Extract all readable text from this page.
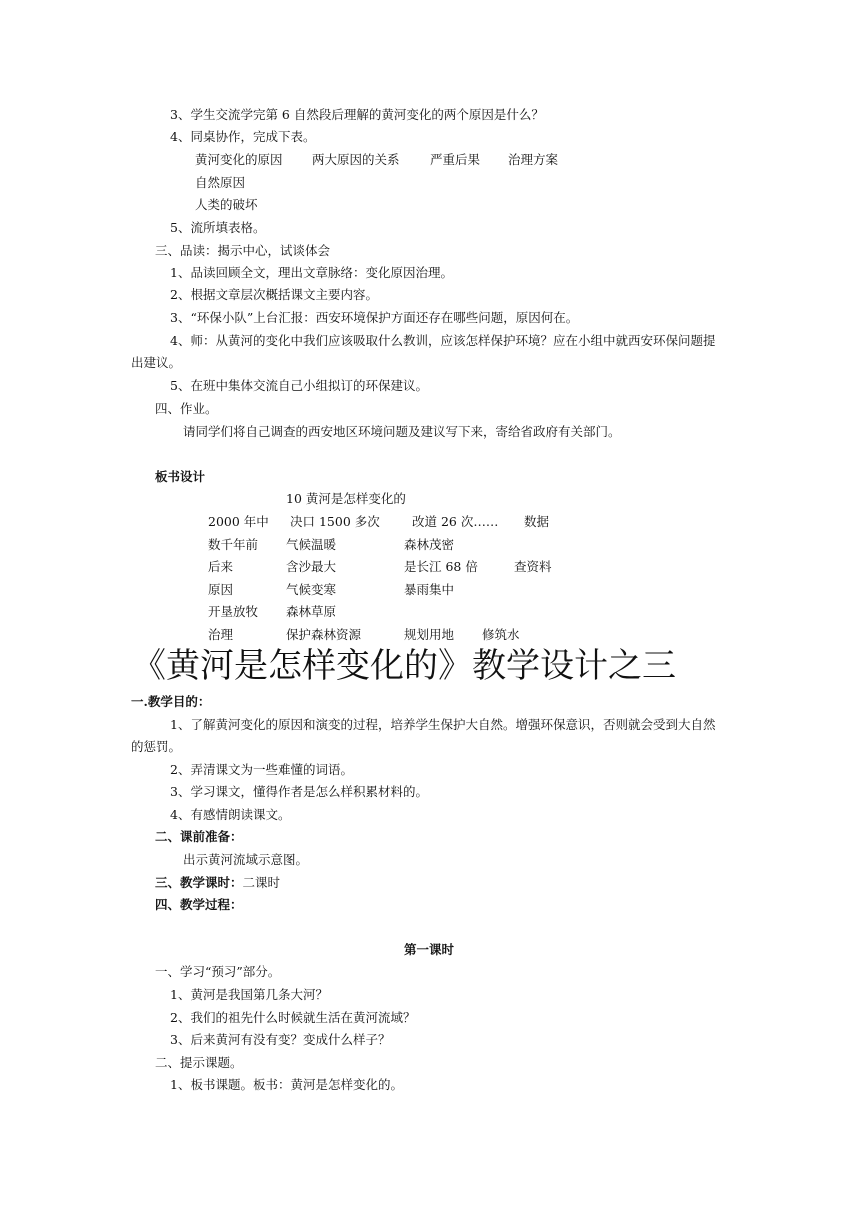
3、学生交流学完第 6 自然段后理解的黄河变化的两个原因是什么？

4、同桌协作，完成下表。

黄河变化的原因 两大原因的关系 严重后果 治理方案
自然原因
人类的破坏

5、流所填表格。

三、品读：揭示中心，试谈体会

1、品读回顾全文，理出文章脉络：变化原因治理。

2、根据文章层次概括课文主要内容。

3、“环保小队”上台汇报：西安环境保护方面还存在哪些问题，原因何在。

4、师：从黄河的变化中我们应该吸取什么教训，应该怎样保护环境？应在小组中就西安环保问题提

出建议。

5、在班中集体交流自己小组拟订的环保建议。

四、作业。

请同学们将自己调查的西安地区环境问题及建议写下来，寄给省政府有关部门。

板书设计

10 黄河是怎样变化的

2000 年中 决口 1500 多次	改道 26 次…… 数据
数千年前 气候温暖	森林茂密
后来	含沙最大	是长江 68 倍	查资料
原因	气候变寒	暴雨集中
开垦放牧 森林草原
治理	保护森林资源	规划用地 修筑水
《黄河是怎样变化的》教学设计之三

一.教学目的：

1、了解黄河变化的原因和演变的过程，培养学生保护大自然。增强环保意识，否则就会受到大自然

的惩罚。

2、弄清课文为一些难懂的词语。

3、学习课文，懂得作者是怎么样积累材料的。

4、有感情朗读课文。

二、课前准备：

出示黄河流域示意图。

三、教学课时：二课时

四、教学过程：

第一课时

一、学习“预习”部分。

1、黄河是我国第几条大河？

2、我们的祖先什么时候就生活在黄河流域？

3、后来黄河有没有变？变成什么样子？

二、提示课题。

1、板书课题。板书：黄河是怎样变化的。
